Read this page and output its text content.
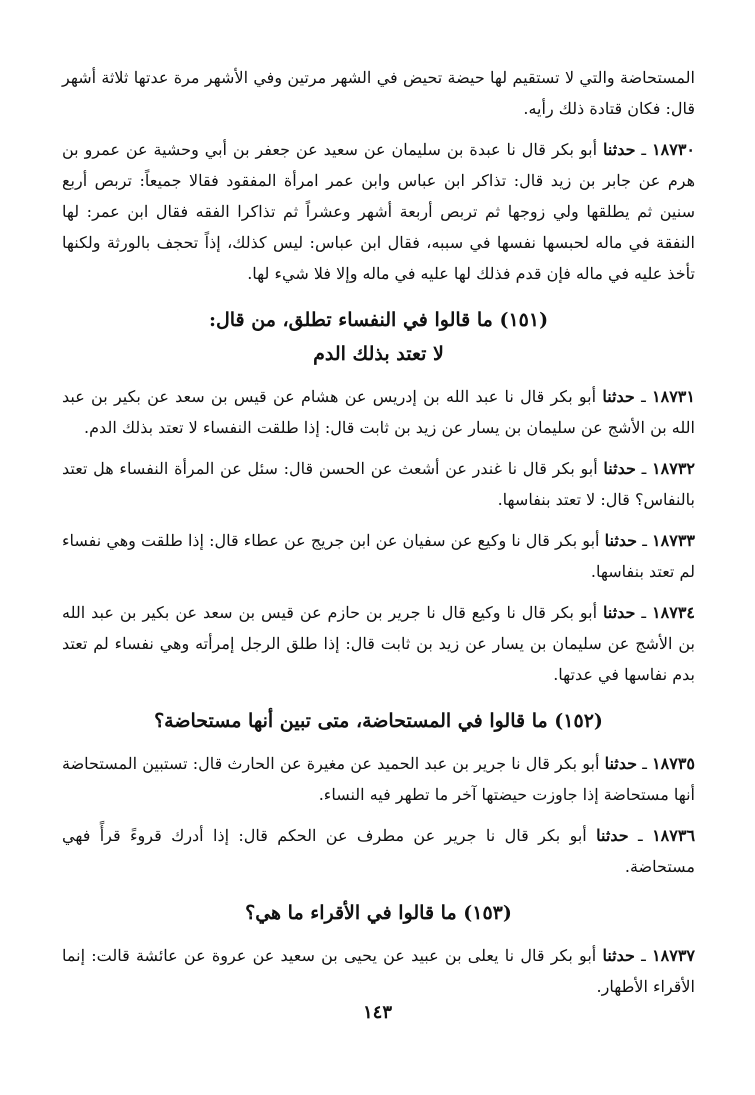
المستحاضة والتي لا تستقيم لها حيضة تحيض في الشهر مرتين وفي الأشهر مرة عدتها ثلاثة أشهر قال: فكان قتادة ذلك رأيه.

١٨٧٣٠ ـ حدثنا أبو بكر قال نا عبدة بن سليمان عن سعيد عن جعفر بن أبي وحشية عن عمرو بن هرم عن جابر بن زيد قال: تذاكر ابن عباس وابن عمر امرأة المفقود فقالا جميعاً: تربص أربع سنين ثم يطلقها ولي زوجها ثم تربص أربعة أشهر وعشراً ثم تذاكرا الفقه فقال ابن عمر: لها النفقة في ماله لحبسها نفسها في سببه، فقال ابن عباس: ليس كذلك، إذاً تحجف بالورثة ولكنها تأخذ عليه في ماله فإن قدم فذلك لها عليه في ماله وإلا فلا شيء لها.

(١٥١) ما قالوا في النفساء تطلق، من قال:
لا تعتد بذلك الدم

١٨٧٣١ ـ حدثنا أبو بكر قال نا عبد الله بن إدريس عن هشام عن قيس بن سعد عن بكير بن عبد الله بن الأشج عن سليمان بن يسار عن زيد بن ثابت قال: إذا طلقت النفساء لا تعتد بذلك الدم.

١٨٧٣٢ ـ حدثنا أبو بكر قال نا غندر عن أشعث عن الحسن قال: سئل عن المرأة النفساء هل تعتد بالنفاس؟ قال: لا تعتد بنفاسها.

١٨٧٣٣ ـ حدثنا أبو بكر قال نا وكيع عن سفيان عن ابن جريج عن عطاء قال: إذا طلقت وهي نفساء لم تعتد بنفاسها.

١٨٧٣٤ ـ حدثنا أبو بكر قال نا وكيع قال نا جرير بن حازم عن قيس بن سعد عن بكير بن عبد الله بن الأشج عن سليمان بن يسار عن زيد بن ثابت قال: إذا طلق الرجل إمرأته وهي نفساء لم تعتد بدم نفاسها في عدتها.

(١٥٢) ما قالوا في المستحاضة، متى تبين أنها مستحاضة؟

١٨٧٣٥ ـ حدثنا أبو بكر قال نا جرير بن عبد الحميد عن مغيرة عن الحارث قال: تستبين المستحاضة أنها مستحاضة إذا جاوزت حيضتها آخر ما تطهر فيه النساء.

١٨٧٣٦ ـ حدثنا أبو بكر قال نا جرير عن مطرف عن الحكم قال: إذا أدرك قروءً قرأً فهي مستحاضة.

(١٥٣) ما قالوا في الأقراء ما هي؟

١٨٧٣٧ ـ حدثنا أبو بكر قال نا يعلى بن عبيد عن يحيى بن سعيد عن عروة عن عائشة قالت: إنما الأقراء الأطهار.

١٤٣
